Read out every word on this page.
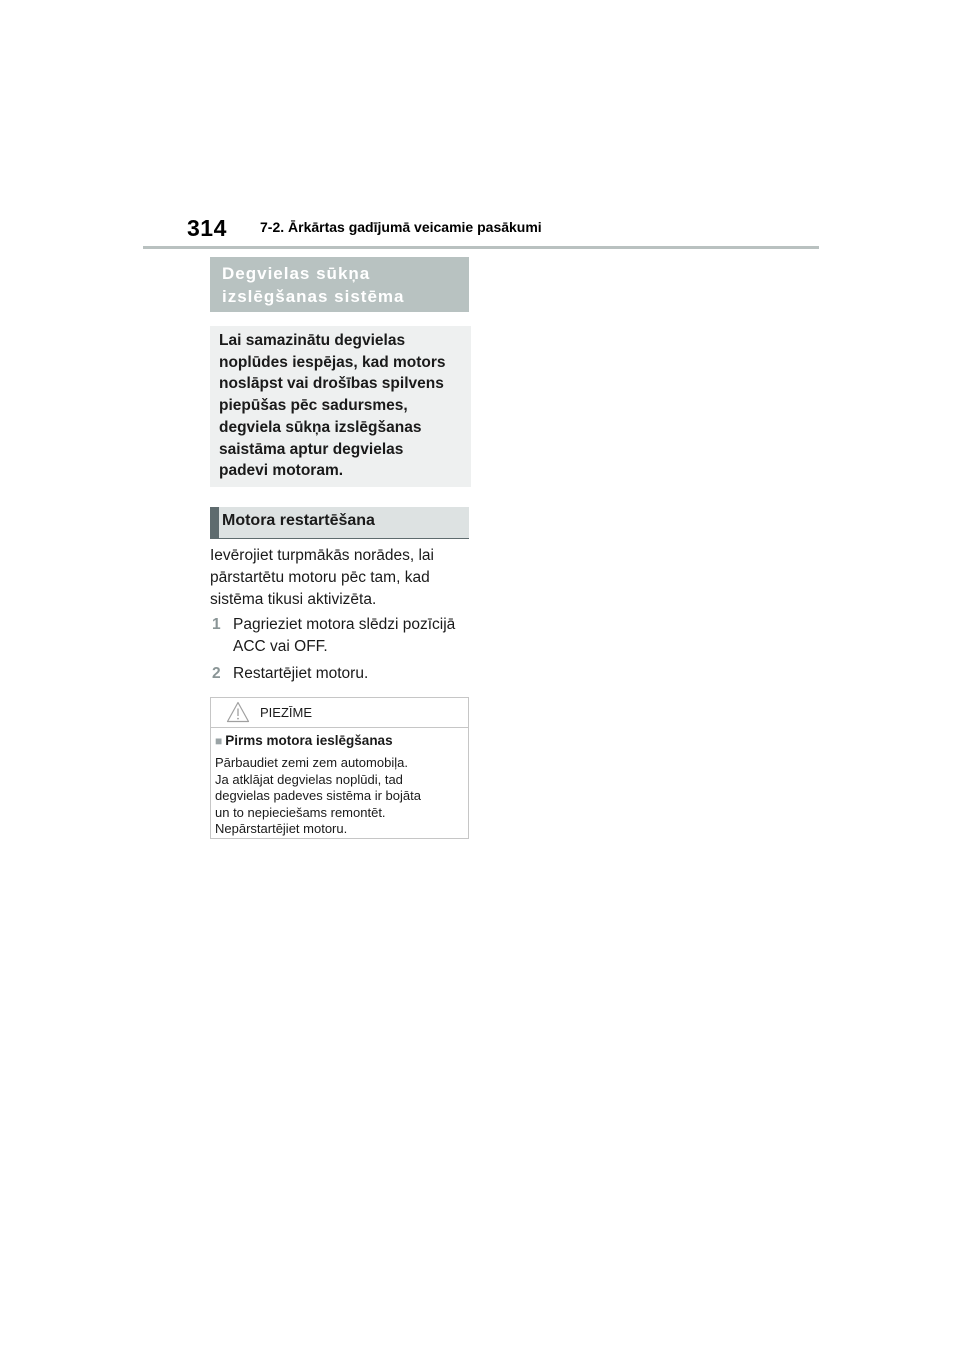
314 7-2. Ārkārtas gadījumā veicamie pasākumi
Degvielas sūkņa
izslēgšanas sistēma
Lai samazinātu degvielas
noplūdes iespējas, kad motors
noslāpst vai drošības spilvens
piepūšas pēc sadursmes,
degviela sūkņa izslēgšanas
saistāma aptur degvielas
padevi motoram.
Motora restartēšana
Ievērojiet turpmākās norādes, lai
pārstartētu motoru pēc tam, kad
sistēma tikusi aktivizēta.
1 Pagrieziet motora slēdzi pozīcijā
ACC vai OFF.
2 Restartējiet motoru.
PIEZĪME
■ Pirms motora ieslēgšanas
Pārbaudiet zemi zem automobiļa.
Ja atklājat degvielas noplūdi, tad
degvielas padeves sistēma ir bojāta
un to nepieciešams remontēt.
Nepārstartējiet motoru.
